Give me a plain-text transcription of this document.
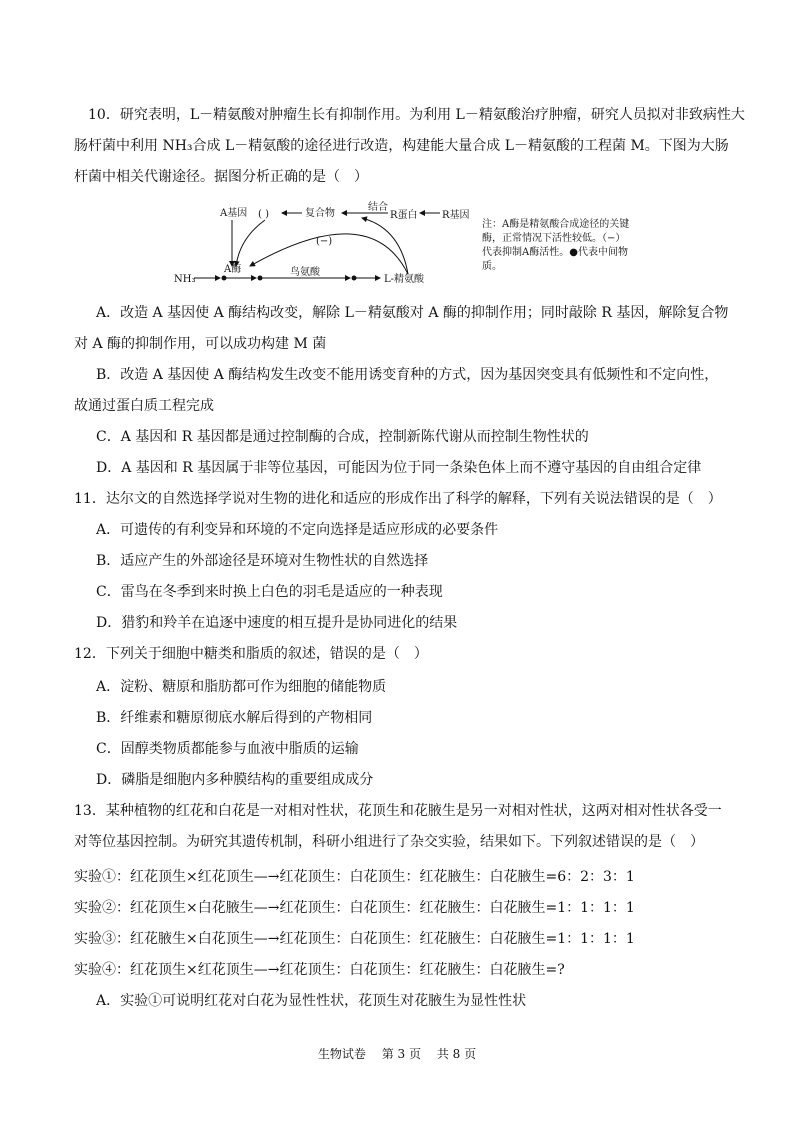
10．研究表明，L－精氨酸对肿瘤生长有抑制作用。为利用 L－精氨酸治疗肿瘤，研究人员拟对非致病性大
肠杆菌中利用 NH₃合成 L－精氨酸的途径进行改造，构建能大量合成 L－精氨酸的工程菌 M。下图为大肠
杆菌中相关代谢途径。据图分析正确的是（　）
A基因 ( )	复合物
结合
R蛋白 R基因
(−)
NH₃
A酶	鸟氨酸
L-精氨酸
注：A酶是精氨酸合成途径的关键酶，正常情况下活性较低。（−）代表抑制A酶活性。●代表中间物质。
A．改造 A 基因使 A 酶结构改变，解除 L－精氨酸对 A 酶的抑制作用；同时敲除 R 基因，解除复合物
对 A 酶的抑制作用，可以成功构建 M 菌
B．改造 A 基因使 A 酶结构发生改变不能用诱变育种的方式，因为基因突变具有低频性和不定向性，
故通过蛋白质工程完成
C．A 基因和 R 基因都是通过控制酶的合成，控制新陈代谢从而控制生物性状的
D．A 基因和 R 基因属于非等位基因，可能因为位于同一条染色体上而不遵守基因的自由组合定律
11．达尔文的自然选择学说对生物的进化和适应的形成作出了科学的解释，下列有关说法错误的是（　）
A．可遗传的有利变异和环境的不定向选择是适应形成的必要条件
B．适应产生的外部途径是环境对生物性状的自然选择
C．雷鸟在冬季到来时换上白色的羽毛是适应的一种表现
D．猎豹和羚羊在追逐中速度的相互提升是协同进化的结果
12．下列关于细胞中糖类和脂质的叙述，错误的是（　）
A．淀粉、糖原和脂肪都可作为细胞的储能物质
B．纤维素和糖原彻底水解后得到的产物相同
C．固醇类物质都能参与血液中脂质的运输
D．磷脂是细胞内多种膜结构的重要组成成分
13．某种植物的红花和白花是一对相对性状，花顶生和花腋生是另一对相对性状，这两对相对性状各受一
对等位基因控制。为研究其遗传机制，科研小组进行了杂交实验，结果如下。下列叙述错误的是（　）
实验①：红花顶生×红花顶生—→红花顶生：白花顶生：红花腋生：白花腋生=6：2：3：1
实验②：红花顶生×白花腋生—→红花顶生：白花顶生：红花腋生：白花腋生=1：1：1：1
实验③：红花腋生×白花顶生—→红花顶生：白花顶生：红花腋生：白花腋生=1：1：1：1
实验④：红花顶生×红花顶生—→红花顶生：白花顶生：红花腋生：白花腋生=?
A．实验①可说明红花对白花为显性性状，花顶生对花腋生为显性性状
生物试卷 第 3 页 共 8 页
